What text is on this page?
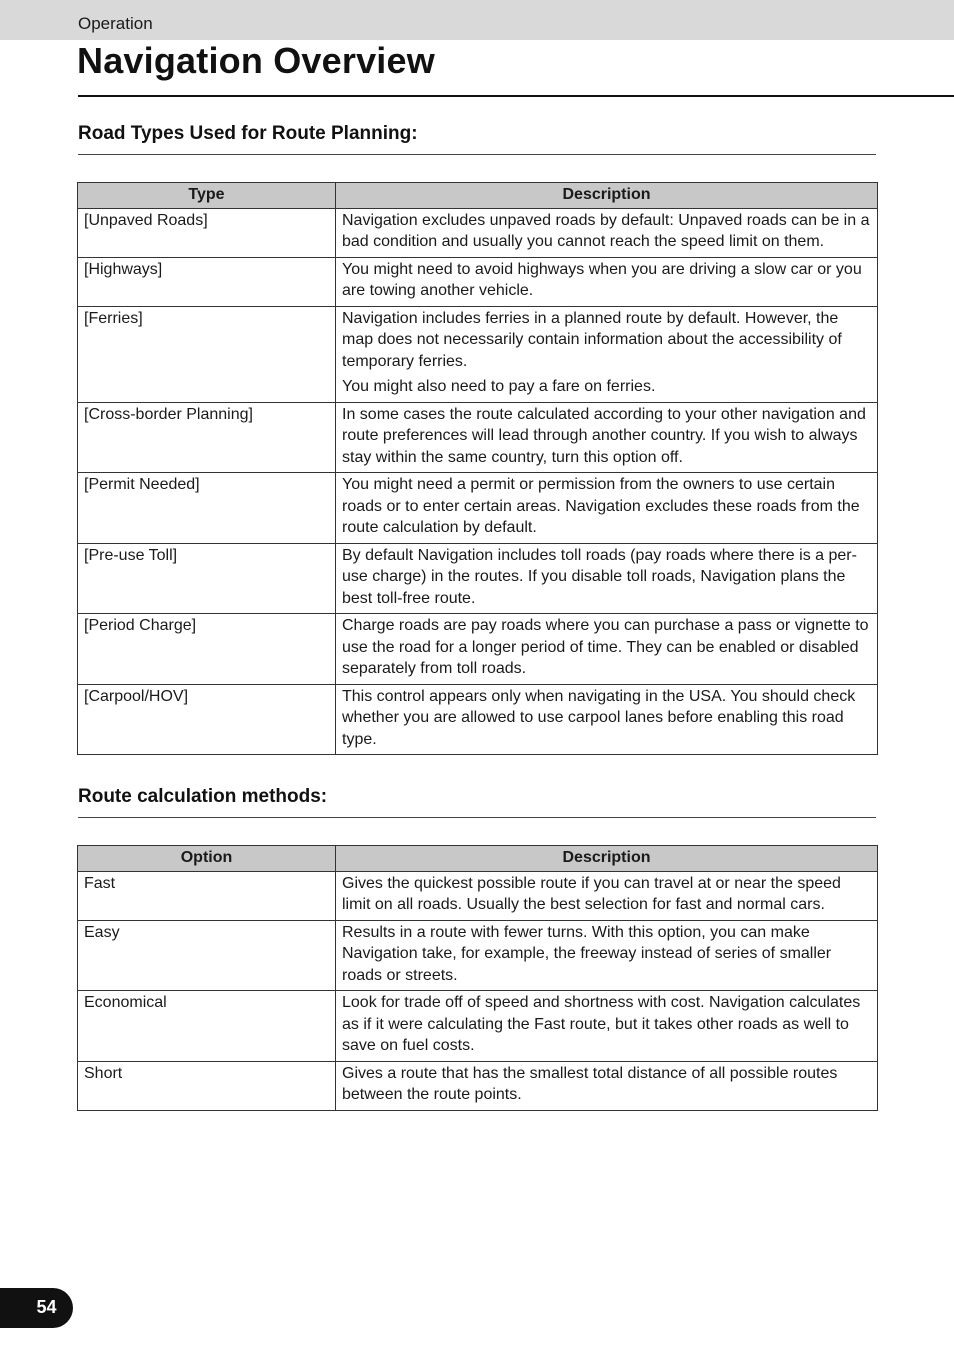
Operation
Navigation Overview
Road Types Used for Route Planning:
Type	Description
[Unpaved Roads]	Navigation excludes unpaved roads by default: Unpaved roads can be in a bad condition and usually you cannot reach the speed limit on them.

[Highways]	You might need to avoid highways when you are driving a slow car or you are towing another vehicle.

[Ferries]	Navigation includes ferries in a planned route by default. However, the map does not necessarily contain information about the accessibility of temporary ferries.

You might also need to pay a fare on ferries.

[Cross-border Planning]	In some cases the route calculated according to your other navigation and route preferences will lead through another country. If you wish to always stay within the same country, turn this option off.

[Permit Needed]	You might need a permit or permission from the owners to use certain roads or to enter certain areas. Navigation excludes these roads from the route calculation by default.

[Pre-use Toll]	By default Navigation includes toll roads (pay roads where there is a per-use charge) in the routes. If you disable toll roads, Navigation plans the best toll-free route.

[Period Charge]	Charge roads are pay roads where you can purchase a pass or vignette to use the road for a longer period of time. They can be enabled or disabled separately from toll roads.

[Carpool/HOV]	This control appears only when navigating in the USA. You should check whether you are allowed to use carpool lanes before enabling this road type.

Route calculation methods:
Option	Description
Fast	Gives the quickest possible route if you can travel at or near the speed limit on all roads. Usually the best selection for fast and normal cars.

Easy	Results in a route with fewer turns. With this option, you can make Navigation take, for example, the freeway instead of series of smaller roads or streets.

Economical	Look for trade off of speed and shortness with cost. Navigation calculates as if it were calculating the Fast route, but it takes other roads as well to save on fuel costs.

Short	Gives a route that has the smallest total distance of all possible routes between the route points.

54
